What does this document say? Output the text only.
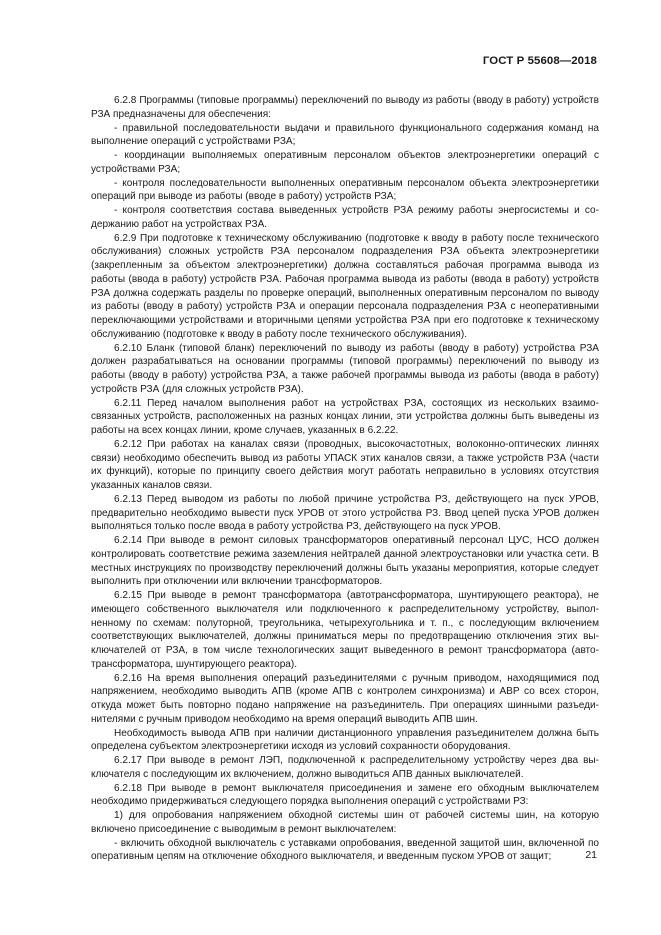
ГОСТ Р 55608—2018

6.2.8 Программы (типовые программы) переключений по выводу из работы (вводу в работу) устройств РЗА предназначены для обеспечения:

- правильной последовательности выдачи и правильного функционального содержания команд на выполнение операций с устройствами РЗА;

- координации выполняемых оперативным персоналом объектов электроэнергетики операций с устройствами РЗА;

- контроля последовательности выполненных оперативным персоналом объекта электроэнергетики операций при выводе из работы (вводе в работу) устройств РЗА;

- контроля соответствия состава выведенных устройств РЗА режиму работы энергосистемы и содержанию работ на устройствах РЗА.

6.2.9 При подготовке к техническому обслуживанию (подготовке к вводу в работу после технического обслуживания) сложных устройств РЗА персоналом подразделения РЗА объекта электроэнергетики (закрепленным за объектом электроэнергетики) должна составляться рабочая программа вывода из работы (ввода в работу) устройств РЗА. Рабочая программа вывода из работы (ввода в работу) устройств РЗА должна содержать разделы по проверке операций, выполненных оперативным персоналом по выводу из работы (вводу в работу) устройств РЗА и операции персонала подразделения РЗА с неоперативными переключающими устройствами и вторичными цепями устройства РЗА при его подготовке к техническому обслуживанию (подготовке к вводу в работу после технического обслуживания).

6.2.10 Бланк (типовой бланк) переключений по выводу из работы (вводу в работу) устройства РЗА должен разрабатываться на основании программы (типовой программы) переключений по выводу из работы (вводу в работу) устройства РЗА, а также рабочей программы вывода из работы (ввода в работу) устройств РЗА (для сложных устройств РЗА).

6.2.11 Перед началом выполнения работ на устройствах РЗА, состоящих из нескольких взаимосвязанных устройств, расположенных на разных концах линии, эти устройства должны быть выведены из работы на всех концах линии, кроме случаев, указанных в 6.2.22.

6.2.12 При работах на каналах связи (проводных, высокочастотных, волоконно-оптических линнях связи) необходимо обеспечить вывод из работы УПАСК этих каналов связи, а также устройств РЗА (части их функций), которые по принципу своего действия могут работать неправильно в условиях отсутствия указанных каналов связи.

6.2.13 Перед выводом из работы по любой причине устройства РЗ, действующего на пуск УРОВ, предварительно необходимо вывести пуск УРОВ от этого устройства РЗ. Ввод цепей пуска УРОВ должен выполняться только после ввода в работу устройства РЗ, действующего на пуск УРОВ.

6.2.14 При выводе в ремонт силовых трансформаторов оперативный персонал ЦУС, НСО должен контролировать соответствие режима заземления нейтралей данной электроустановки или участка сети. В местных инструкциях по производству переключений должны быть указаны мероприятия, которые следует выполнить при отключении или включении трансформаторов.

6.2.15 При выводе в ремонт трансформатора (автотрансформатора, шунтирующего реактора), не имеющего собственного выключателя или подключенного к распределительному устройству, выполненному по схемам: полуторной, треугольника, четырехугольника и т. п., с последующим включением соответствующих выключателей, должны приниматься меры по предотвращению отключения этих выключателей от РЗА, в том числе технологических защит выведенного в ремонт трансформатора (автотрансформатора, шунтирующего реактора).

6.2.16 На время выполнения операций разъединителями с ручным приводом, находящимися под напряжением, необходимо выводить АПВ (кроме АПВ с контролем синхронизма) и АВР со всех сторон, откуда может быть повторно подано напряжение на разъединитель. При операциях шинными разъединителями с ручным приводом необходимо на время операций выводить АПВ шин.

Необходимость вывода АПВ при наличии дистанционного управления разъединителем должна быть определена субъектом электроэнергетики исходя из условий сохранности оборудования.

6.2.17 При выводе в ремонт ЛЭП, подключенной к распределительному устройству через два выключателя с последующим их включением, должно выводиться АПВ данных выключателей.

6.2.18 При выводе в ремонт выключателя присоединения и замене его обходным выключателем необходимо придерживаться следующего порядка выполнения операций с устройствами РЗ:

1) для опробования напряжением обходной системы шин от рабочей системы шин, на которую включено присоединение с выводимым в ремонт выключателем:

- включить обходной выключатель с уставками опробования, введенной защитой шин, включенной по оперативным цепям на отключение обходного выключателя, и введенным пуском УРОВ от защит;	21
